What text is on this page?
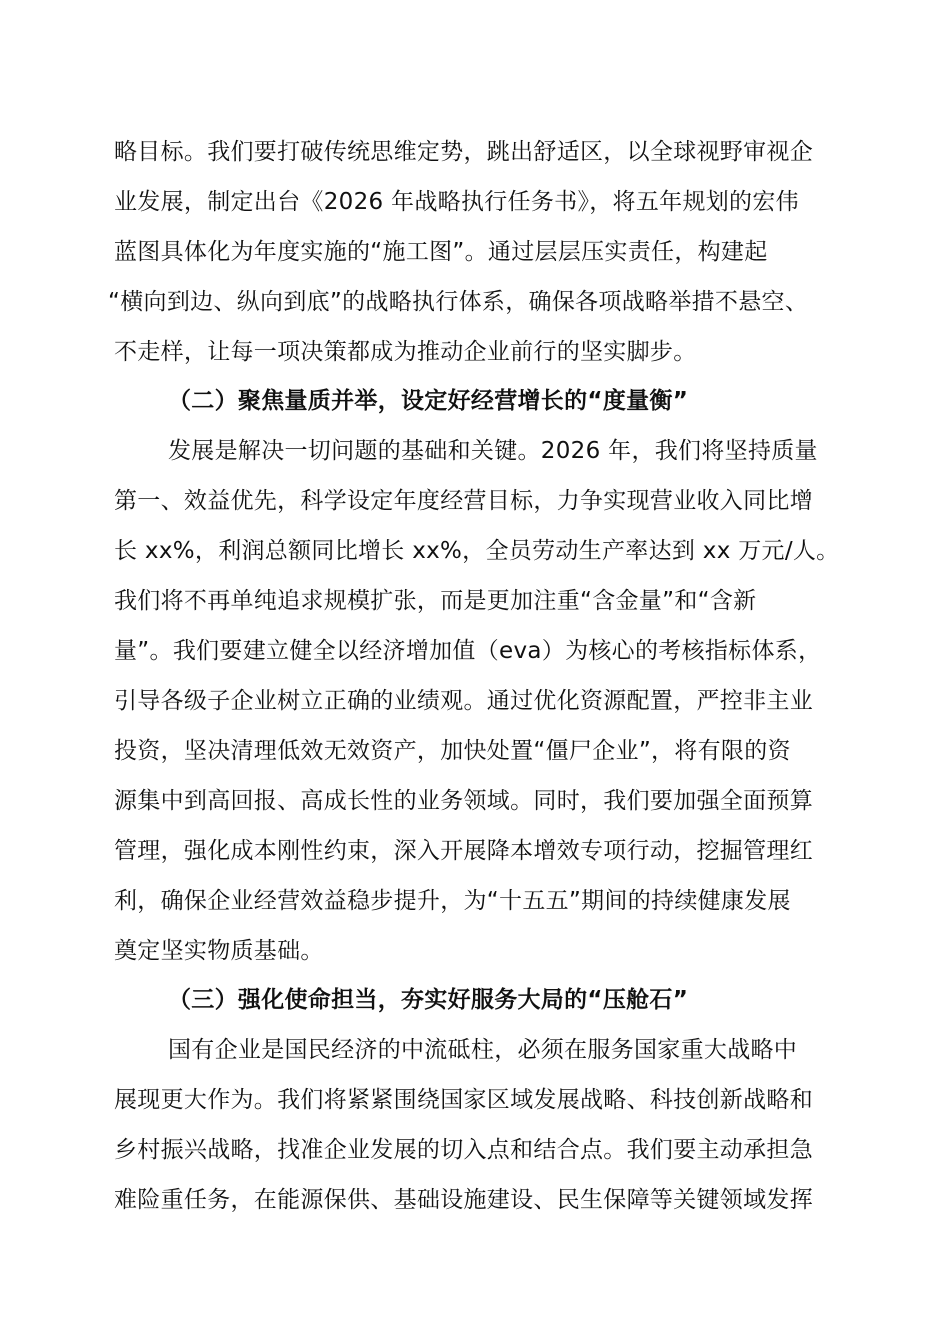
略目标。我们要打破传统思维定势，跳出舒适区，以全球视野审视企
业发展，制定出台《2026 年战略执行任务书》，将五年规划的宏伟
蓝图具体化为年度实施的“施工图”。通过层层压实责任，构建起
“横向到边、纵向到底”的战略执行体系，确保各项战略举措不悬空、
不走样，让每一项决策都成为推动企业前行的坚实脚步。
（二）聚焦量质并举，设定好经营增长的“度量衡”
发展是解决一切问题的基础和关键。2026 年，我们将坚持质量
第一、效益优先，科学设定年度经营目标，力争实现营业收入同比增
长 xx%，利润总额同比增长 xx%，全员劳动生产率达到 xx 万元/人。
我们将不再单纯追求规模扩张，而是更加注重“含金量”和“含新
量”。我们要建立健全以经济增加值（eva）为核心的考核指标体系，
引导各级子企业树立正确的业绩观。通过优化资源配置，严控非主业
投资，坚决清理低效无效资产，加快处置“僵尸企业”，将有限的资
源集中到高回报、高成长性的业务领域。同时，我们要加强全面预算
管理，强化成本刚性约束，深入开展降本增效专项行动，挖掘管理红
利，确保企业经营效益稳步提升，为“十五五”期间的持续健康发展
奠定坚实物质基础。
（三）强化使命担当，夯实好服务大局的“压舱石”
国有企业是国民经济的中流砥柱，必须在服务国家重大战略中
展现更大作为。我们将紧紧围绕国家区域发展战略、科技创新战略和
乡村振兴战略，找准企业发展的切入点和结合点。我们要主动承担急
难险重任务，在能源保供、基础设施建设、民生保障等关键领域发挥
